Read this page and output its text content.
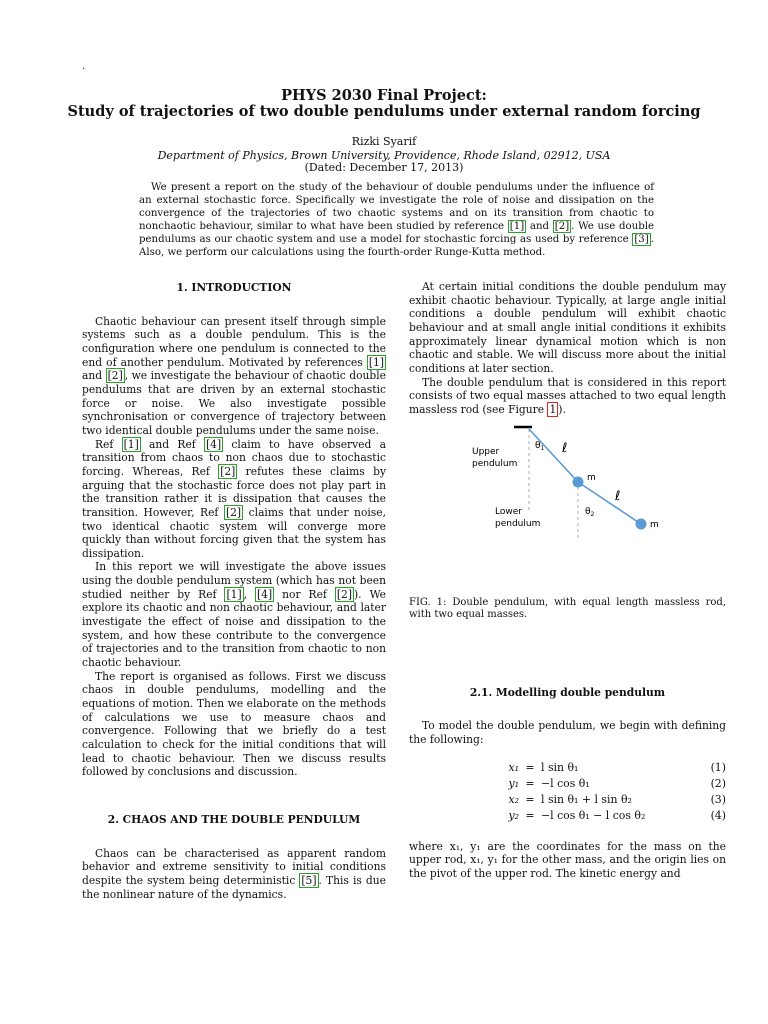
.
PHYS 2030 Final Project:
Study of trajectories of two double pendulums under external random forcing
Rizki Syarif
Department of Physics, Brown University, Providence, Rhode Island, 02912, USA
(Dated: December 17, 2013)

We present a report on the study of the behaviour of double pendulums under the influence of an external stochastic force. Specifically we investigate the role of noise and dissipation on the convergence of the trajectories of two chaotic systems and on its transition from chaotic to nonchaotic behaviour, similar to what have been studied by reference [1] and [2] . We use double pendulums as our chaotic system and use a model for stochastic forcing as used by reference [3] . Also, we perform our calculations using the fourth-order Runge-Kutta method.

1. INTRODUCTION

Chaotic behaviour can present itself through simple systems such as a double pendulum. This is the configuration where one pendulum is connected to the end of another pendulum. Motivated by references [1] and [2] , we investigate the behaviour of chaotic double pendulums that are driven by an external stochastic force or noise. We also investigate possible synchronisation or convergence of trajectory between two identical double pendulums under the same noise.

Ref [1] and Ref [4] claim to have observed a transition from chaos to non chaos due to stochastic forcing. Whereas, Ref [2] refutes these claims by arguing that the stochastic force does not play part in the transition rather it is dissipation that causes the transition. However, Ref [2] claims that under noise, two identical chaotic system will converge more quickly than without forcing given that the system has dissipation.

In this report we will investigate the above issues using the double pendulum system (which has not been studied neither by Ref [1] , [4] nor Ref [2] ). We explore its chaotic and non chaotic behaviour, and later investigate the effect of noise and dissipation to the system, and how these contribute to the convergence of trajectories and to the transition from chaotic to non chaotic behaviour.

The report is organised as follows. First we discuss chaos in double pendulums, modelling and the equations of motion. Then we elaborate on the methods of calculations we use to measure chaos and convergence. Following that we briefly do a test calculation to check for the initial conditions that will lead to chaotic behaviour. Then we discuss results followed by conclusions and discussion.

2. CHAOS AND THE DOUBLE PENDULUM

Chaos can be characterised as apparent random behavior and extreme sensitivity to initial conditions despite the system being deterministic [5] . This is due the nonlinear nature of the dynamics.

At certain initial conditions the double pendulum may exhibit chaotic behaviour. Typically, at large angle initial conditions a double pendulum will exhibit chaotic behaviour and at small angle initial conditions it exhibits approximately linear dynamical motion which is non chaotic and stable. We will discuss more about the initial conditions at later section.

The double pendulum that is considered in this report consists of two equal masses attached to two equal length massless rod (see Figure 1 ).

Upper
pendulum
Lower
pendulum
$\theta_1$
$\theta_2$
ℓ
ℓ
m
m

FIG. 1: Double pendulum, with equal length massless rod, with two equal masses.

2.1. Modelling double pendulum

To model the double pendulum, we begin with defining the following:

x₁	=	l sin θ₁	(1)
y₁	=	−l cos θ₁	(2)
x₂	=	l sin θ₁ + l sin θ₂	(3)
y₂	=	−l cos θ₁ − l cos θ₂	(4)

where x₁, y₁ are the coordinates for the mass on the upper rod, x₁, y₁ for the other mass, and the origin lies on the pivot of the upper rod. The kinetic energy and
